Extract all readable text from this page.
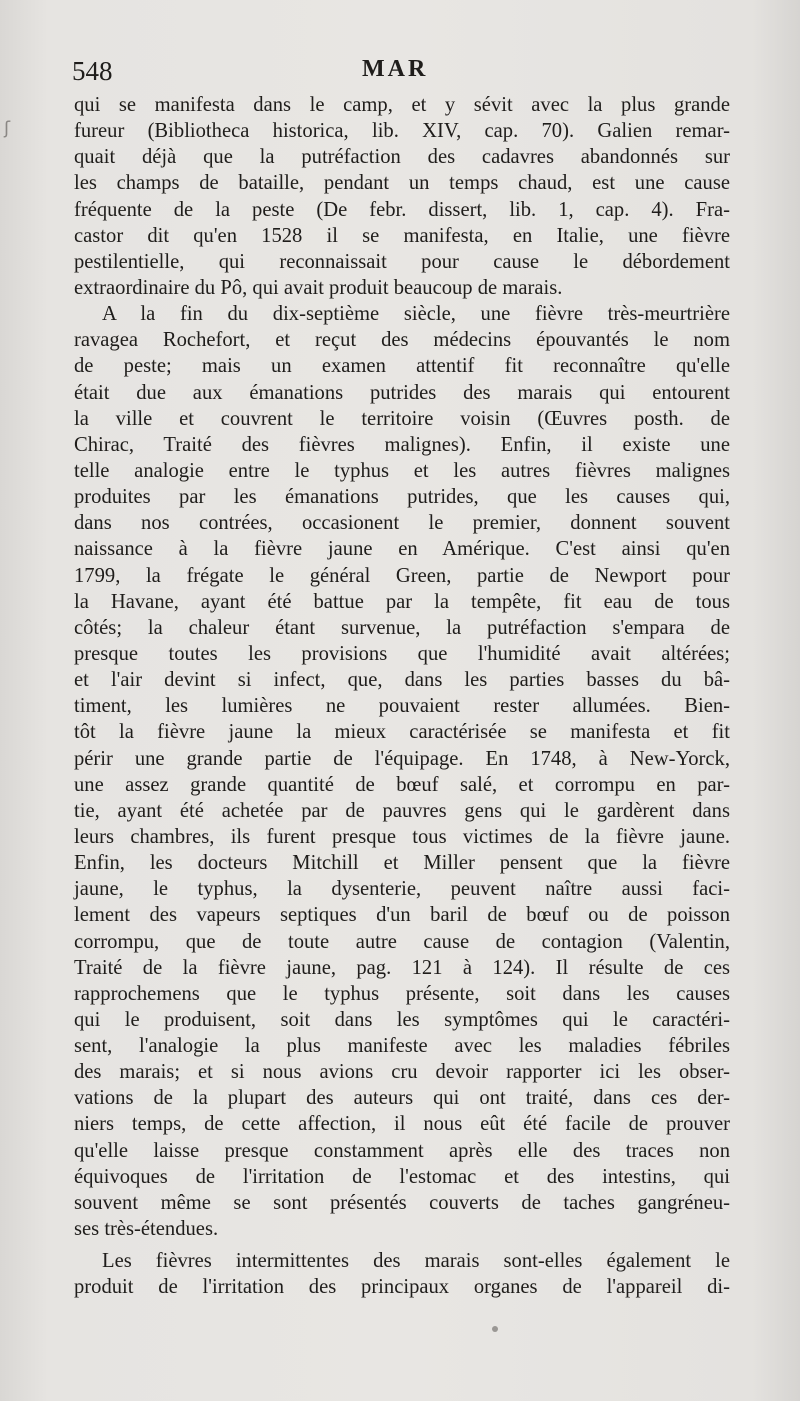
ʃ
548	MAR
qui se manifesta dans le camp, et y sévit avec la plus grande
fureur (Bibliotheca historica, lib. XIV, cap. 70). Galien remar-
quait déjà que la putréfaction des cadavres abandonnés sur
les champs de bataille, pendant un temps chaud, est une cause
fréquente de la peste (De febr. dissert, lib. 1, cap. 4). Fra-
castor dit qu'en 1528 il se manifesta, en Italie, une fièvre
pestilentielle, qui reconnaissait pour cause le débordement
extraordinaire du Pô, qui avait produit beaucoup de marais.
A la fin du dix-septième siècle, une fièvre très-meurtrière
ravagea Rochefort, et reçut des médecins épouvantés le nom
de peste; mais un examen attentif fit reconnaître qu'elle
était due aux émanations putrides des marais qui entourent
la ville et couvrent le territoire voisin (Œuvres posth. de
Chirac, Traité des fièvres malignes). Enfin, il existe une
telle analogie entre le typhus et les autres fièvres malignes
produites par les émanations putrides, que les causes qui,
dans nos contrées, occasionent le premier, donnent souvent
naissance à la fièvre jaune en Amérique. C'est ainsi qu'en
1799, la frégate le général Green, partie de Newport pour
la Havane, ayant été battue par la tempête, fit eau de tous
côtés; la chaleur étant survenue, la putréfaction s'empara de
presque toutes les provisions que l'humidité avait altérées;
et l'air devint si infect, que, dans les parties basses du bâ-
timent, les lumières ne pouvaient rester allumées. Bien-
tôt la fièvre jaune la mieux caractérisée se manifesta et fit
périr une grande partie de l'équipage. En 1748, à New-Yorck,
une assez grande quantité de bœuf salé, et corrompu en par-
tie, ayant été achetée par de pauvres gens qui le gardèrent dans
leurs chambres, ils furent presque tous victimes de la fièvre jaune.
Enfin, les docteurs Mitchill et Miller pensent que la fièvre
jaune, le typhus, la dysenterie, peuvent naître aussi faci-
lement des vapeurs septiques d'un baril de bœuf ou de poisson
corrompu, que de toute autre cause de contagion (Valentin,
Traité de la fièvre jaune, pag. 121 à 124). Il résulte de ces
rapprochemens que le typhus présente, soit dans les causes
qui le produisent, soit dans les symptômes qui le caractéri-
sent, l'analogie la plus manifeste avec les maladies fébriles
des marais; et si nous avions cru devoir rapporter ici les obser-
vations de la plupart des auteurs qui ont traité, dans ces der-
niers temps, de cette affection, il nous eût été facile de prouver
qu'elle laisse presque constamment après elle des traces non
équivoques de l'irritation de l'estomac et des intestins, qui
souvent même se sont présentés couverts de taches gangréneu-
ses très-étendues.
Les fièvres intermittentes des marais sont-elles également le
produit de l'irritation des principaux organes de l'appareil di-
